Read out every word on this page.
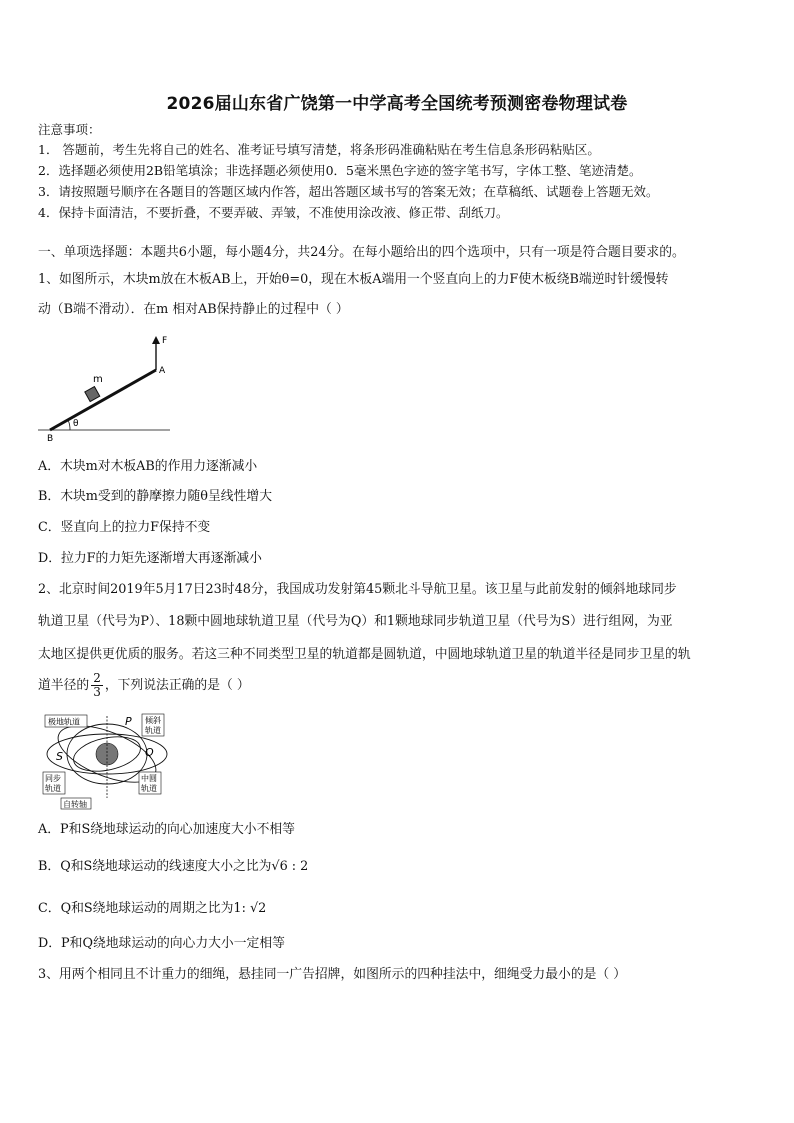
2026届山东省广饶第一中学高考全国统考预测密卷物理试卷
注意事项：
1． 答题前，考生先将自己的姓名、准考证号填写清楚，将条形码准确粘贴在考生信息条形码粘贴区。
2．选择题必须使用2B铅笔填涂；非选择题必须使用0．5毫米黑色字迹的签字笔书写，字体工整、笔迹清楚。
3．请按照题号顺序在各题目的答题区域内作答，超出答题区域书写的答案无效；在草稿纸、试题卷上答题无效。
4．保持卡面清洁，不要折叠，不要弄破、弄皱，不准使用涂改液、修正带、刮纸刀。
一、单项选择题：本题共6小题，每小题4分，共24分。在每小题给出的四个选项中，只有一项是符合题目要求的。
1、如图所示，木块m放在木板AB上，开始θ=0，现在木板A端用一个竖直向上的力F使木板绕B端逆时针缓慢转
动（B端不滑动）．在m 相对AB保持静止的过程中（ ）
F
A
m
B
θ
A．木块m对木板AB的作用力逐渐减小
B．木块m受到的静摩擦力随θ呈线性增大
C．竖直向上的拉力F保持不变
D．拉力F的力矩先逐渐增大再逐渐减小
2、北京时间2019年5月17日23时48分，我国成功发射第45颗北斗导航卫星。该卫星与此前发射的倾斜地球同步
轨道卫星（代号为P）、18颗中圆地球轨道卫星（代号为Q）和1颗地球同步轨道卫星（代号为S）进行组网，为亚
太地区提供更优质的服务。若这三种不同类型卫星的轨道都是圆轨道，中圆地球轨道卫星的轨道半径是同步卫星的轨
道半径的 $\frac{2}{3}$ ，下列说法正确的是（ ）
极地轨道	P 倾斜
轨道
S	Q
同步
轨道
中圆
轨道
自转轴
A．P和S绕地球运动的向心加速度大小不相等
B．Q和S绕地球运动的线速度大小之比为√6 : 2
C．Q和S绕地球运动的周期之比为1: √2
D．P和Q绕地球运动的向心力大小一定相等
3、用两个相同且不计重力的细绳，悬挂同一广告招牌，如图所示的四种挂法中，细绳受力最小的是（ ）
